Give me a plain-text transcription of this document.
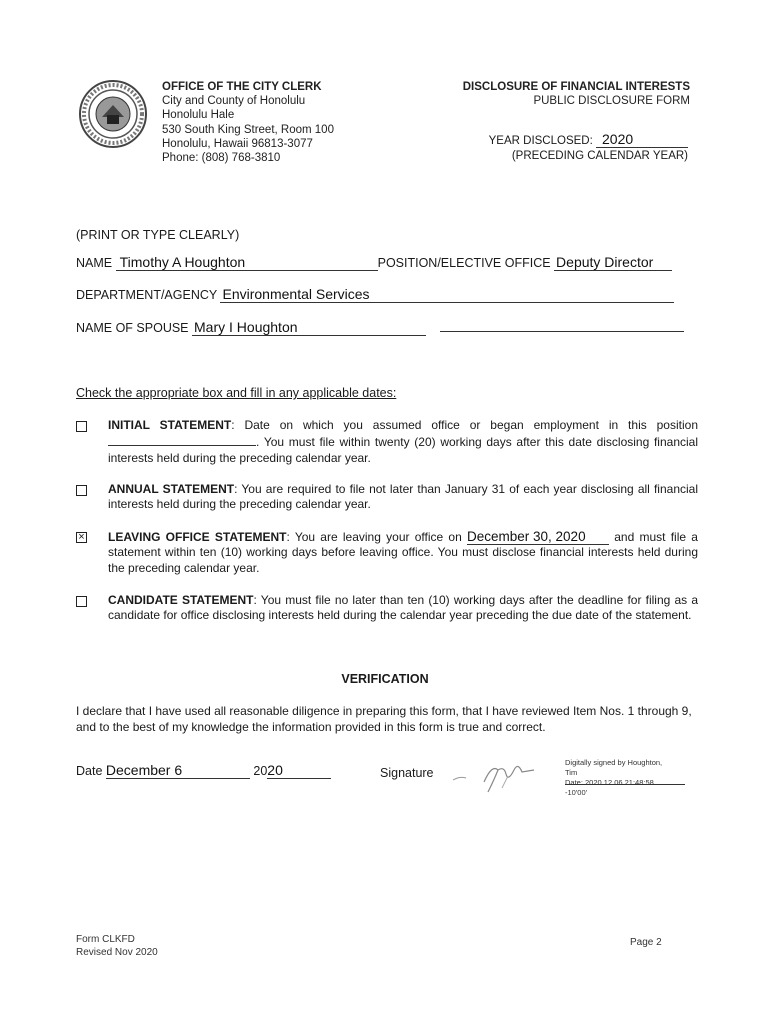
OFFICE OF THE CITY CLERK
City and County of Honolulu
Honolulu Hale
530 South King Street, Room 100
Honolulu, Hawaii 96813-3077
Phone: (808) 768-3810
DISCLOSURE OF FINANCIAL INTERESTS
PUBLIC DISCLOSURE FORM
YEAR DISCLOSED: 2020
(PRECEDING CALENDAR YEAR)
(PRINT OR TYPE CLEARLY)
NAME Timothy A Houghton	POSITION/ELECTIVE OFFICE Deputy Director
DEPARTMENT/AGENCY Environmental Services
NAME OF SPOUSE Mary I Houghton
Check the appropriate box and fill in any applicable dates:
INITIAL STATEMENT: Date on which you assumed office or began employment in this position . You must file within twenty (20) working days after this date disclosing financial interests held during the preceding calendar year.
ANNUAL STATEMENT: You are required to file not later than January 31 of each year disclosing all financial interests held during the preceding calendar year.
× LEAVING OFFICE STATEMENT: You are leaving your office on December 30, 2020 and must file a statement within ten (10) working days before leaving office. You must disclose financial interests held during the preceding calendar year.
CANDIDATE STATEMENT: You must file no later than ten (10) working days after the deadline for filing as a candidate for office disclosing interests held during the calendar year preceding the due date of the statement.
VERIFICATION
I declare that I have used all reasonable diligence in preparing this form, that I have reviewed Item Nos. 1 through 9, and to the best of my knowledge the information provided in this form is true and correct.
Date December 6	2020	Signature
Digitally signed by Houghton,
Tim
Date: 2020.12.06 21:48:58
-10'00'
Form CLKFD
Revised Nov 2020
Page 2
